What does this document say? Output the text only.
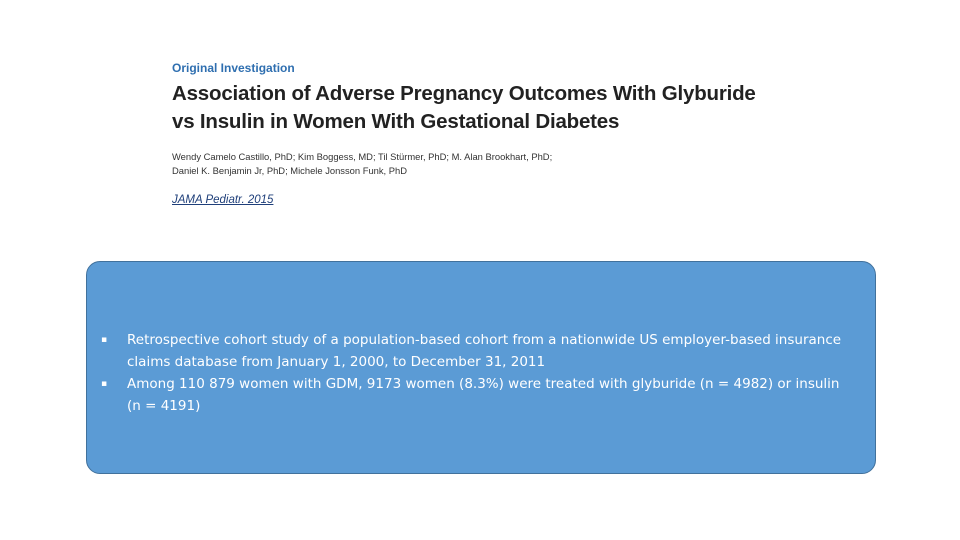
Original Investigation

Association of Adverse Pregnancy Outcomes With Glyburide
vs Insulin in Women With Gestational Diabetes

Wendy Camelo Castillo, PhD; Kim Boggess, MD; Til Stürmer, PhD; M. Alan Brookhart, PhD;
Daniel K. Benjamin Jr, PhD; Michele Jonsson Funk, PhD

JAMA Pediatr. 2015
▪ Retrospective cohort study of a population-based cohort from a nationwide US employer-based insurance claims database from January 1, 2000, to December 31, 2011
▪ Among 110 879 women with GDM, 9173 women (8.3%) were treated with glyburide (n = 4982) or insulin (n = 4191)
